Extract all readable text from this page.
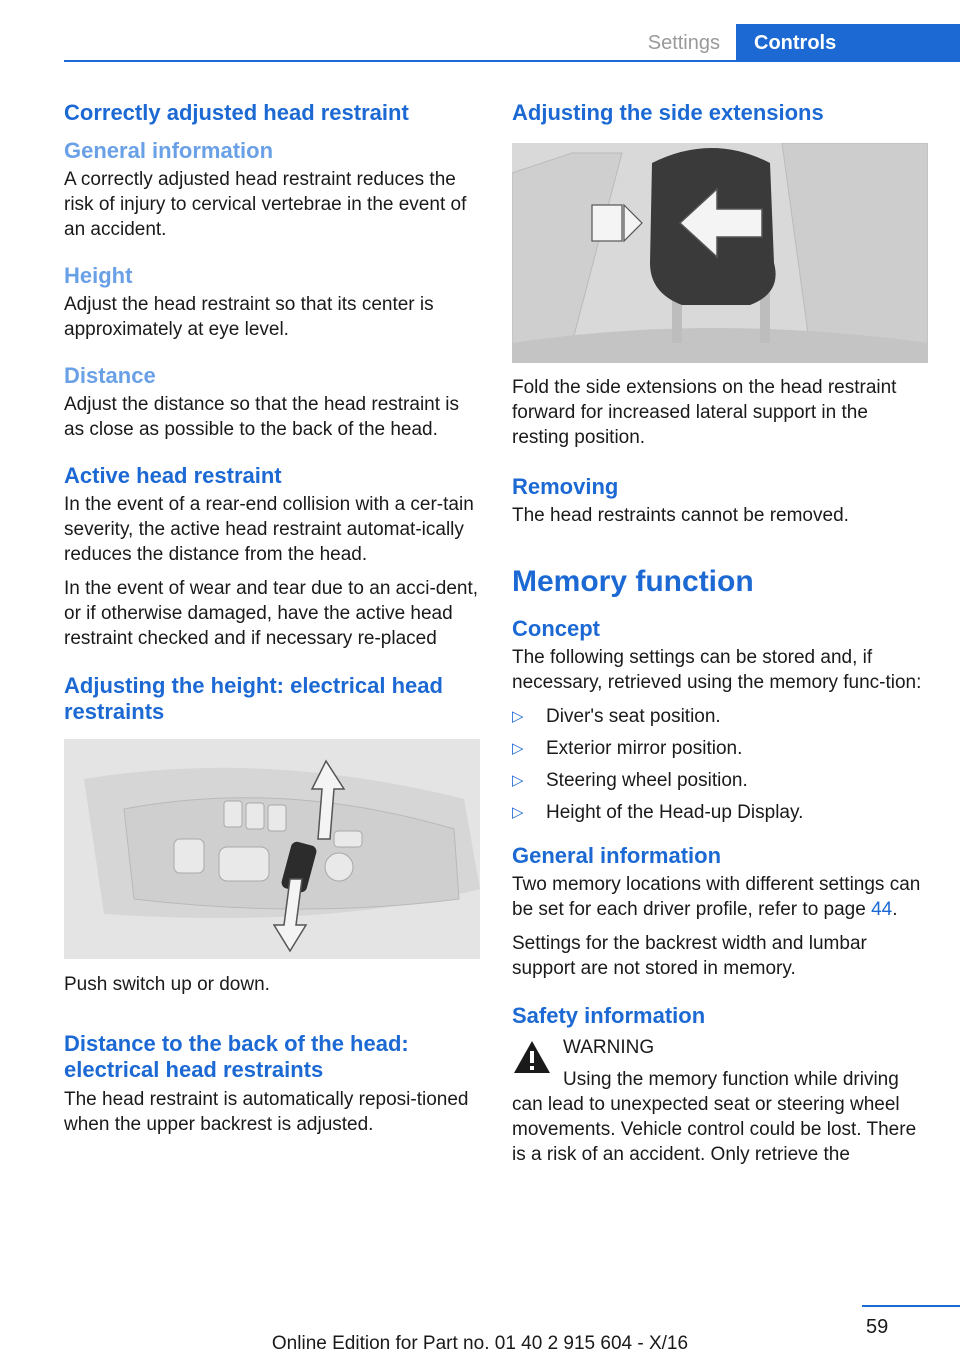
Settings	Controls
Correctly adjusted head restraint
General information

A correctly adjusted head restraint reduces the risk of injury to cervical vertebrae in the event of an accident.

Height

Adjust the head restraint so that its center is approximately at eye level.

Distance

Adjust the distance so that the head restraint is as close as possible to the back of the head.

Active head restraint

In the event of a rear-end collision with a cer-tain severity, the active head restraint automat-ically reduces the distance from the head.

In the event of wear and tear due to an acci-dent, or if otherwise damaged, have the active head restraint checked and if necessary re-placed

Adjusting the height: electrical head restraints

Push switch up or down.

Distance to the back of the head: electrical head restraints

The head restraint is automatically reposi-tioned when the upper backrest is adjusted.

Adjusting the side extensions

Fold the side extensions on the head restraint forward for increased lateral support in the resting position.

Removing

The head restraints cannot be removed.

Memory function
Concept

The following settings can be stored and, if necessary, retrieved using the memory func-tion:

▷ Diver's seat position.
▷ Exterior mirror position.
▷ Steering wheel position.
▷ Height of the Head-up Display.
General information

Two memory locations with different settings can be set for each driver profile, refer to page 44.

Settings for the backrest width and lumbar support are not stored in memory.

Safety information

WARNING

Using the memory function while driving

can lead to unexpected seat or steering wheel movements. Vehicle control could be lost. There is a risk of an accident. Only retrieve the

59
Online Edition for Part no. 01 40 2 915 604 - X/16
